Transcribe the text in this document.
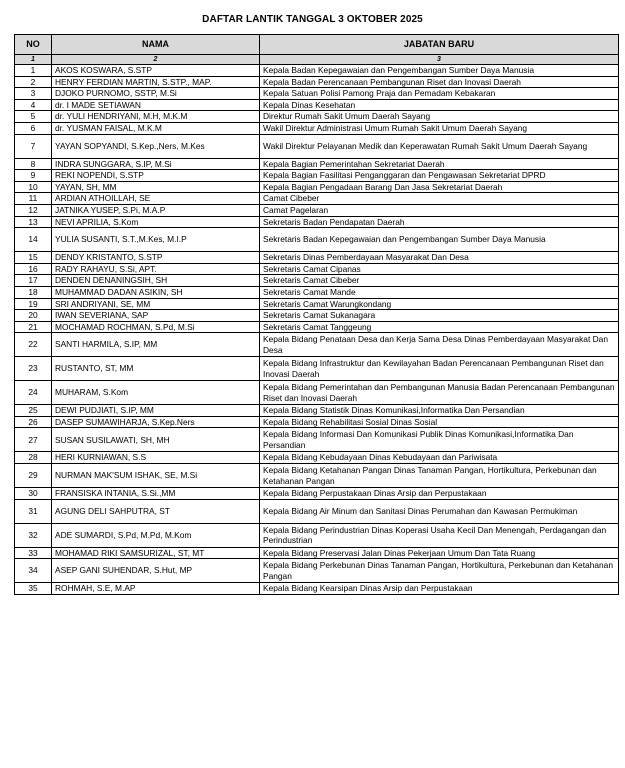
DAFTAR LANTIK TANGGAL 3 OKTOBER 2025
NO	NAMA	JABATAN BARU
1	2	3
1	AKOS KOSWARA, S.STP	Kepala Badan Kepegawaian dan Pengembangan Sumber Daya Manusia
2	HENRY FERDIAN MARTIN, S.STP., MAP.	Kepala Badan Perencanaan Pembangunan Riset dan Inovasi Daerah
3	DJOKO PURNOMO, SSTP, M.Si	Kepala Satuan Polisi Pamong Praja dan Pemadam Kebakaran
4	dr. I MADE SETIAWAN	Kepala Dinas Kesehatan
5	dr. YULI HENDRIYANI, M.H, M.K.M	Direktur Rumah Sakit Umum Daerah Sayang
6	dr. YUSMAN FAISAL, M.K.M	Wakil Direktur Administrasi Umum Rumah Sakit Umum Daerah Sayang
7	YAYAN SOPYANDI, S.Kep.,Ners, M.Kes	Wakil Direktur Pelayanan Medik dan Keperawatan Rumah Sakit Umum Daerah Sayang
8	INDRA SUNGGARA, S.IP, M.Si	Kepala Bagian Pemerintahan Sekretariat Daerah
9	REKI NOPENDI, S.STP	Kepala Bagian Fasilitasi Penganggaran dan Pengawasan Sekretariat DPRD
10	YAYAN, SH, MM	Kepala Bagian Pengadaan Barang Dan Jasa Sekretariat Daerah
11	ARDIAN ATHOILLAH, SE	Camat Cibeber
12	JATNIKA YUSEP, S.Pi, M.A.P	Camat Pagelaran
13	NEVI APRILIA, S.Kom	Sekretaris Badan Pendapatan Daerah
14	YULIA SUSANTI, S.T.,M.Kes, M.I.P	Sekretaris Badan Kepegawaian dan Pengembangan Sumber Daya Manusia
15	DENDY KRISTANTO, S.STP	Sekretaris Dinas Pemberdayaan Masyarakat Dan Desa
16	RADY RAHAYU, S.Si, APT.	Sekretaris Camat Cipanas
17	DENDEN DENANINGSIH, SH	Sekretaris Camat Cibeber
18	MUHAMMAD DADAN ASIKIN, SH	Sekretaris Camat Mande
19	SRI ANDRIYANI, SE, MM	Sekretaris Camat Warungkondang
20	IWAN SEVERIANA, SAP	Sekretaris Camat Sukanagara
21	MOCHAMAD ROCHMAN, S.Pd, M.Si	Sekretaris Camat Tanggeung
22	SANTI HARMILA, S.IP, MM	Kepala Bidang Penataan Desa dan Kerja Sama Desa Dinas Pemberdayaan Masyarakat Dan Desa
23	RUSTANTO, ST, MM	Kepala Bidang Infrastruktur dan Kewilayahan Badan Perencanaan Pembangunan Riset dan Inovasi Daerah
24	MUHARAM, S.Kom	Kepala Bidang Pemerintahan dan Pembangunan Manusia Badan Perencanaan Pembangunan Riset dan Inovasi Daerah
25	DEWI PUDJIATI, S.IP, MM	Kepala Bidang Statistik Dinas Komunikasi,Informatika Dan Persandian
26	DASEP SUMAWIHARJA, S.Kep.Ners	Kepala Bidang Rehabilitasi Sosial Dinas Sosial
27	SUSAN SUSILAWATI, SH, MH	Kepala Bidang Informasi Dan Komunikasi Publik Dinas Komunikasi,Informatika Dan Persandian
28	HERI KURNIAWAN, S.S	Kepala Bidang Kebudayaan Dinas Kebudayaan dan Pariwisata
29	NURMAN MAK'SUM ISHAK, SE, M.Si	Kepala Bidang Ketahanan Pangan Dinas Tanaman Pangan, Hortikultura, Perkebunan dan Ketahanan Pangan
30	FRANSISKA INTANIA, S.Si.,MM	Kepala Bidang Perpustakaan Dinas Arsip dan Perpustakaan
31	AGUNG DELI SAHPUTRA, ST	Kepala Bidang Air Minum dan Sanitasi Dinas Perumahan dan Kawasan Permukiman
32	ADE SUMARDI, S.Pd, M.Pd, M.Kom	Kepala Bidang Perindustrian Dinas Koperasi Usaha Kecil Dan Menengah, Perdagangan dan Perindustrian
33	MOHAMAD RIKI SAMSURIZAL, ST, MT	Kepala Bidang Preservasi Jalan Dinas Pekerjaan Umum Dan Tata Ruang
34	ASEP GANI SUHENDAR, S.Hut, MP	Kepala Bidang Perkebunan Dinas Tanaman Pangan, Hortikultura, Perkebunan dan Ketahanan Pangan
35	ROHMAH, S.E, M.AP	Kepala Bidang Kearsipan Dinas Arsip dan Perpustakaan
